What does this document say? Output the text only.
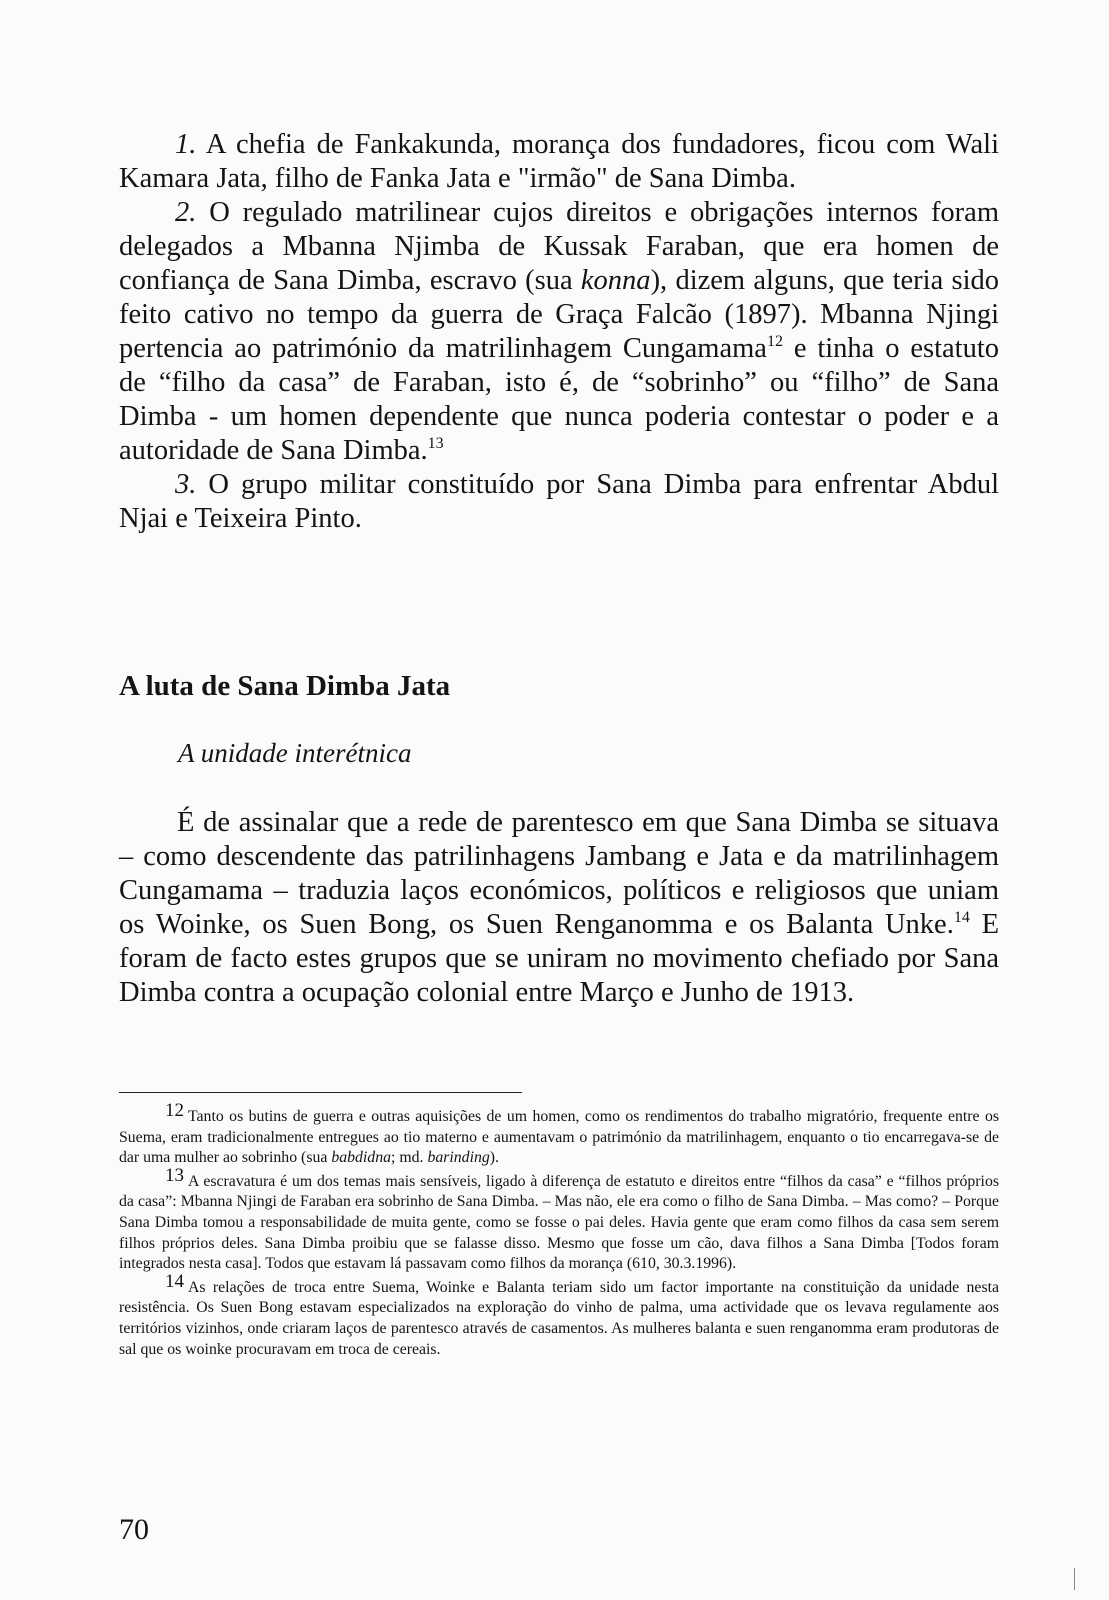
1. A chefia de Fankakunda, morança dos fundadores, ficou com Wali Kamara Jata, filho de Fanka Jata e "irmão" de Sana Dimba.

2. O regulado matrilinear cujos direitos e obrigações internos foram delegados a Mbanna Njimba de Kussak Faraban, que era homen de confiança de Sana Dimba, escravo (sua konna), dizem alguns, que teria sido feito cativo no tempo da guerra de Graça Falcão (1897). Mbanna Njingi pertencia ao património da matrilinhagem Cungamama$^{12}$ e tinha o estatuto de “filho da casa” de Faraban, isto é, de “sobrinho” ou “filho” de Sana Dimba - um homen dependente que nunca poderia contestar o poder e a autoridade de Sana Dimba.$^{13}$

3. O grupo militar constituído por Sana Dimba para enfrentar Abdul Njai e Teixeira Pinto.

A luta de Sana Dimba Jata
A unidade interétnica

É de assinalar que a rede de parentesco em que Sana Dimba se situava – como descendente das patrilinhagens Jambang e Jata e da matrilinhagem Cungamama – traduzia laços económicos, políticos e religiosos que uniam os Woinke, os Suen Bong, os Suen Renganomma e os Balanta Unke.$^{14}$ E foram de facto estes grupos que se uniram no movimento chefiado por Sana Dimba contra a ocupação colonial entre Março e Junho de 1913.

12 Tanto os butins de guerra e outras aquisições de um homen, como os rendimentos do trabalho migratório, frequente entre os Suema, eram tradicionalmente entregues ao tio materno e aumentavam o património da matrilinhagem, enquanto o tio encarregava-se de dar uma mulher ao sobrinho (sua babdidna; md. barinding).

13 A escravatura é um dos temas mais sensíveis, ligado à diferença de estatuto e direitos entre “filhos da casa” e “filhos próprios da casa”: Mbanna Njingi de Faraban era sobrinho de Sana Dimba. – Mas não, ele era como o filho de Sana Dimba. – Mas como? – Porque Sana Dimba tomou a responsabilidade de muita gente, como se fosse o pai deles. Havia gente que eram como filhos da casa sem serem filhos próprios deles. Sana Dimba proibiu que se falasse disso. Mesmo que fosse um cão, dava filhos a Sana Dimba [Todos foram integrados nesta casa]. Todos que estavam lá passavam como filhos da morança (610, 30.3.1996).

14 As relações de troca entre Suema, Woinke e Balanta teriam sido um factor importante na constituição da unidade nesta resistência. Os Suen Bong estavam especializados na exploração do vinho de palma, uma actividade que os levava regulamente aos territórios vizinhos, onde criaram laços de parentesco através de casamentos. As mulheres balanta e suen renganomma eram produtoras de sal que os woinke procuravam em troca de cereais.

70
